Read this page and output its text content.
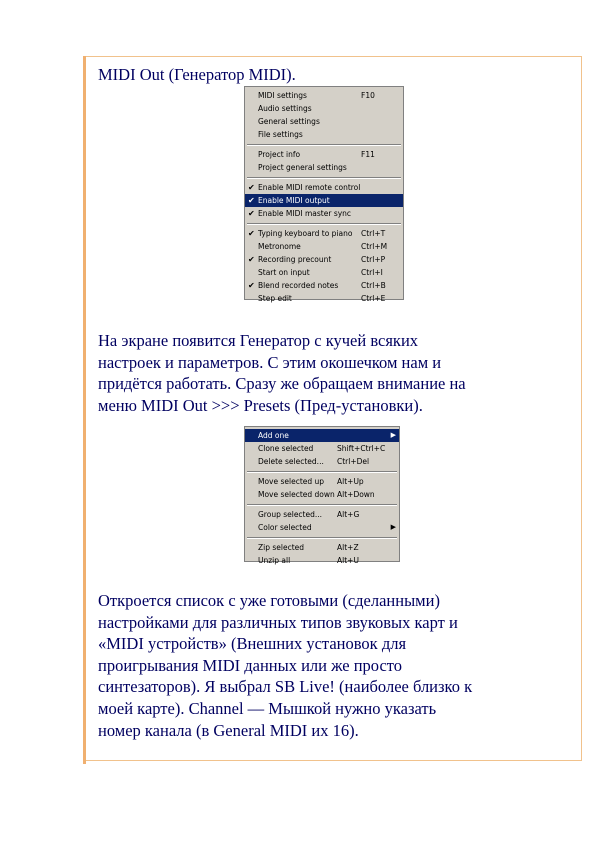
MIDI Out (Генератор MIDI).
MIDI settings	F10
Audio settings
General settings
File settings
Project info	F11
Project general settings
✔ Enable MIDI remote control
✔ Enable MIDI output
✔ Enable MIDI master sync
✔ Typing keyboard to piano Ctrl+T
Metronome	Ctrl+M
✔ Recording precount	Ctrl+P
Start on input	Ctrl+I
✔ Blend recorded notes	Ctrl+B
Step edit	Ctrl+E
На экране появится Генератор с кучей всяких
настроек и параметров. С этим окошечком нам и
придётся работать. Сразу же обращаем внимание на
меню MIDI Out >>> Presets (Пред-установки).
Add one	▶
Clone selected	Shift+Ctrl+C
Delete selected... Ctrl+Del
Move selected up Alt+Up
Move selected down Alt+Down
Group selected... Alt+G
Color selected	▶
Zip selected	Alt+Z
Unzip all	Alt+U
Откроется список с уже готовыми (сделанными)
настройками для различных типов звуковых карт и
«MIDI устройств» (Внешних установок для
проигрывания MIDI данных или же просто
синтезаторов). Я выбрал SB Live! (наиболее близко к
моей карте). Channel — Мышкой нужно указать
номер канала (в General MIDI их 16).
